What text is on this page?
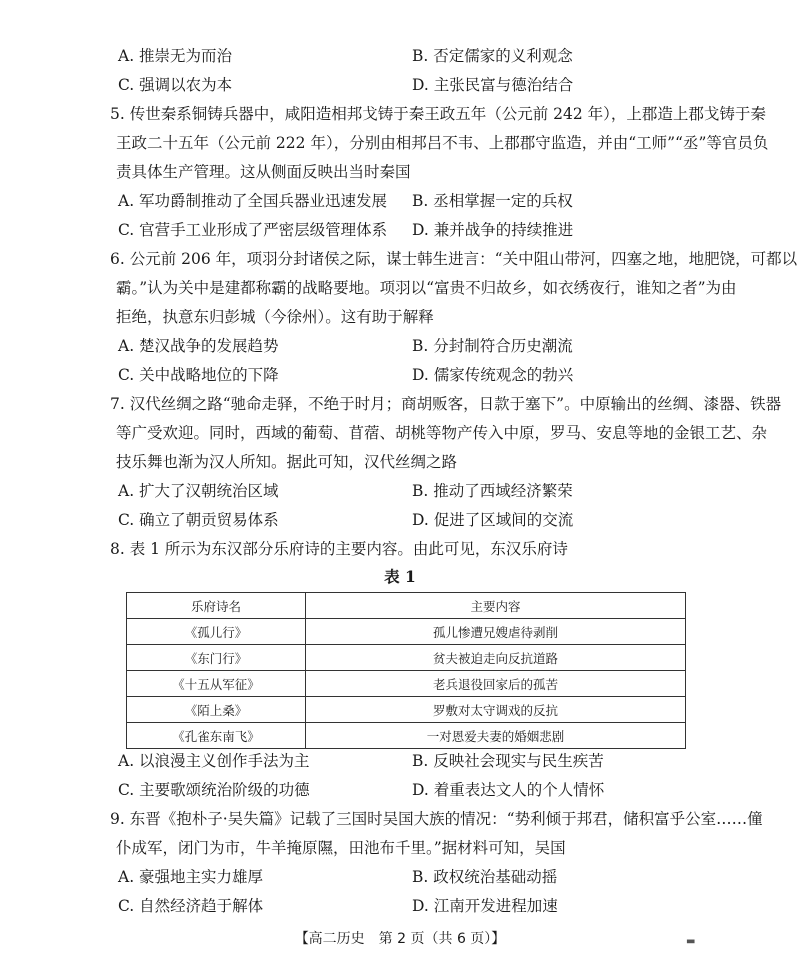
A. 推崇无为而治	B. 否定儒家的义利观念
C. 强调以农为本	D. 主张民富与德治结合
5. 传世秦系铜铸兵器中，咸阳造相邦戈铸于秦王政五年（公元前 242 年），上郡造上郡戈铸于秦
王政二十五年（公元前 222 年），分别由相邦吕不韦、上郡郡守监造，并由“工师”“丞”等官员负
责具体生产管理。这从侧面反映出当时秦国
A. 军功爵制推动了全国兵器业迅速发展 B. 丞相掌握一定的兵权
C. 官营手工业形成了严密层级管理体系 D. 兼并战争的持续推进
6. 公元前 206 年，项羽分封诸侯之际，谋士韩生进言：“关中阻山带河，四塞之地，地肥饶，可都以
霸。”认为关中是建都称霸的战略要地。项羽以“富贵不归故乡，如衣绣夜行，谁知之者”为由
拒绝，执意东归彭城（今徐州）。这有助于解释
A. 楚汉战争的发展趋势	B. 分封制符合历史潮流
C. 关中战略地位的下降	D. 儒家传统观念的勃兴
7. 汉代丝绸之路“驰命走驿，不绝于时月；商胡贩客，日款于塞下”。中原输出的丝绸、漆器、铁器
等广受欢迎。同时，西域的葡萄、苜蓿、胡桃等物产传入中原，罗马、安息等地的金银工艺、杂
技乐舞也渐为汉人所知。据此可知，汉代丝绸之路
A. 扩大了汉朝统治区域	B. 推动了西域经济繁荣
C. 确立了朝贡贸易体系	D. 促进了区域间的交流
8. 表 1 所示为东汉部分乐府诗的主要内容。由此可见，东汉乐府诗
表 1
乐府诗名	主要内容
《孤儿行》	孤儿惨遭兄嫂虐待剥削
《东门行》	贫夫被迫走向反抗道路
《十五从军征》	老兵退役回家后的孤苦
《陌上桑》	罗敷对太守调戏的反抗
《孔雀东南飞》	一对恩爱夫妻的婚姻悲剧
A. 以浪漫主义创作手法为主	B. 反映社会现实与民生疾苦
C. 主要歌颂统治阶级的功德	D. 着重表达文人的个人情怀
9. 东晋《抱朴子·吴失篇》记载了三国时吴国大族的情况：“势利倾于邦君，储积富乎公室……僮
仆成军，闭门为市，牛羊掩原隰，田池布千里。”据材料可知，吴国
A. 豪强地主实力雄厚	B. 政权统治基础动摇
C. 自然经济趋于解体	D. 江南开发进程加速
【高二历史　第 2 页（共 6 页）】	▬
